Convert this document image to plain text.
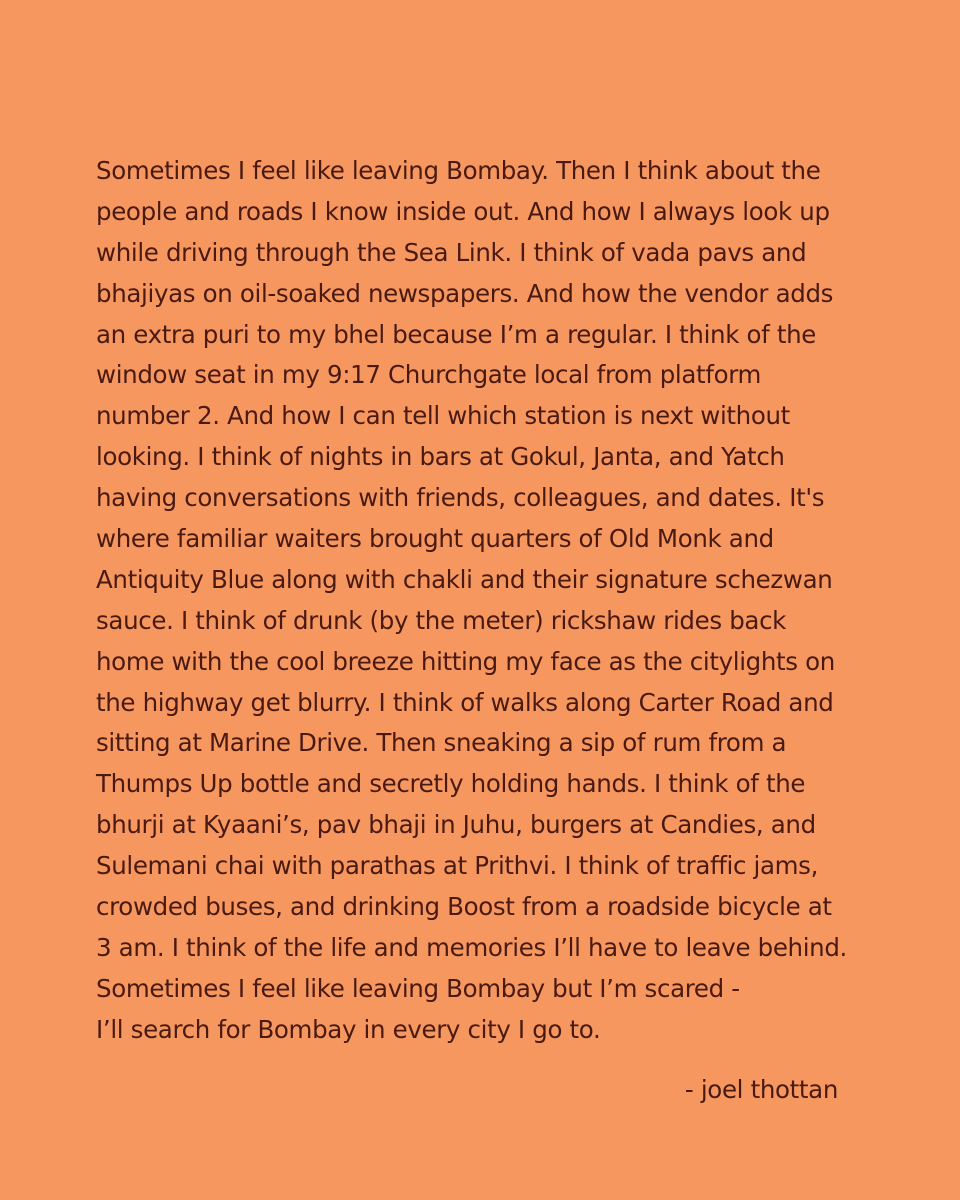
Sometimes I feel like leaving Bombay. Then I think about the
people and roads I know inside out. And how I always look up
while driving through the Sea Link. I think of vada pavs and
bhajiyas on oil-soaked newspapers. And how the vendor adds
an extra puri to my bhel because I’m a regular. I think of the
window seat in my 9:17 Churchgate local from platform
number 2. And how I can tell which station is next without
looking. I think of nights in bars at Gokul, Janta, and Yatch
having conversations with friends, colleagues, and dates. It's
where familiar waiters brought quarters of Old Monk and
Antiquity Blue along with chakli and their signature schezwan
sauce. I think of drunk (by the meter) rickshaw rides back
home with the cool breeze hitting my face as the citylights on
the highway get blurry. I think of walks along Carter Road and
sitting at Marine Drive. Then sneaking a sip of rum from a
Thumps Up bottle and secretly holding hands. I think of the
bhurji at Kyaani’s, pav bhaji in Juhu, burgers at Candies, and
Sulemani chai with parathas at Prithvi. I think of traffic jams,
crowded buses, and drinking Boost from a roadside bicycle at
3 am. I think of the life and memories I’ll have to leave behind.
Sometimes I feel like leaving Bombay but I’m scared -
I’ll search for Bombay in every city I go to.
- joel thottan
